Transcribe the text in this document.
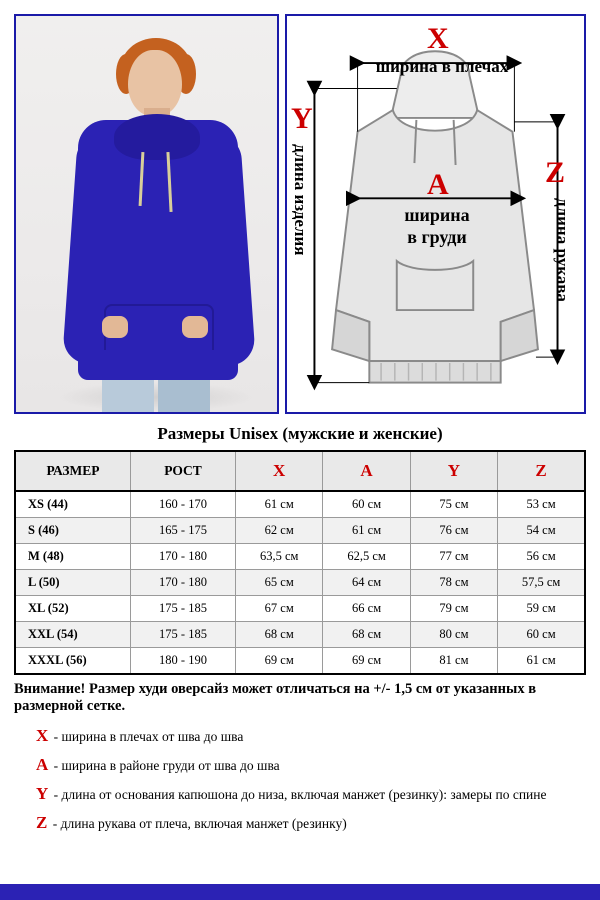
X
ширина в плечах
Y
длина изделия	A
ширина
в груди
Z
длина рукава
Размеры Unisex (мужские и женские)
РАЗМЕР	РОСТ	X	A	Y	Z
XS (44)	160 - 170	61 см	60 см	75 см	53 см
S (46)	165 - 175	62 см	61 см	76 см	54 см
M (48)	170 - 180	63,5 см	62,5 см	77 см	56 см
L (50)	170 - 180	65 см	64 см	78 см	57,5 см
XL (52)	175 - 185	67 см	66 см	79 см	59 см
XXL (54)	175 - 185	68 см	68 см	80 см	60 см
XXXL (56)	180 - 190	69 см	69 см	81 см	61 см
Внимание! Размер худи оверсайз может отличаться на +/- 1,5 см от указанных в размерной сетке.
X - ширина в плечах от шва до шва
A - ширина в районе груди от шва до шва
Y - длина от основания капюшона до низа, включая манжет (резинку): замеры по спине
Z - длина рукава от плеча, включая манжет (резинку)
